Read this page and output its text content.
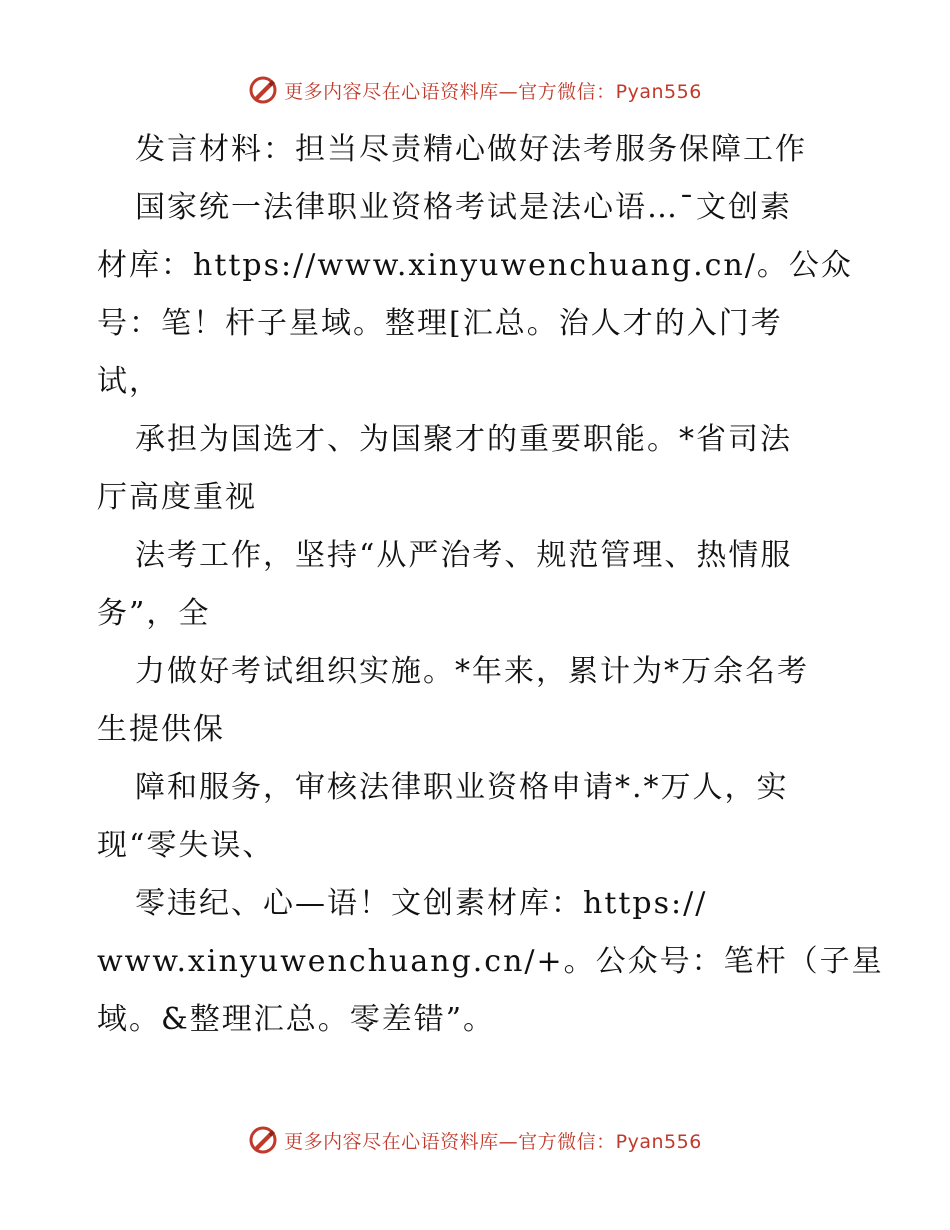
更多内容尽在心语资料库—官方微信：Pyan556
发言材料：担当尽责精心做好法考服务保障工作
国家统一法律职业资格考试是法心语…¯文创素
材库：https://www.xinyuwenchuang.cn/。公众
号：笔！杆子星域。整理[汇总。治人才的入门考
试，
承担为国选才、为国聚才的重要职能。*省司法
厅高度重视
法考工作，坚持“从严治考、规范管理、热情服
务”，全
力做好考试组织实施。*年来，累计为*万余名考
生提供保
障和服务，审核法律职业资格申请*.*万人，实
现“零失误、
零违纪、心—语！文创素材库：https://
www.xinyuwenchuang.cn/+。公众号：笔杆（子星
域。&整理汇总。零差错”。
更多内容尽在心语资料库—官方微信：Pyan556
